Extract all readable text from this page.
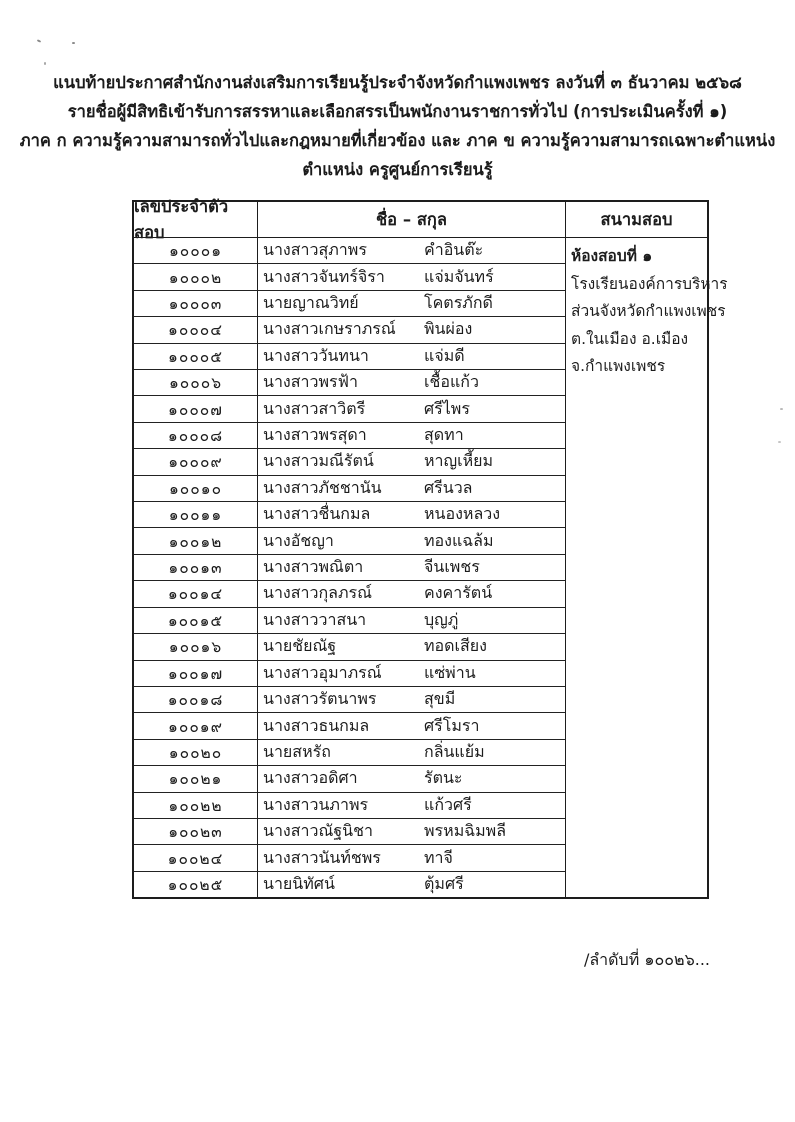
แนบท้ายประกาศสำนักงานส่งเสริมการเรียนรู้ประจำจังหวัดกำแพงเพชร ลงวันที่ ๓ ธันวาคม ๒๕๖๘
รายชื่อผู้มีสิทธิเข้ารับการสรรหาและเลือกสรรเป็นพนักงานราชการทั่วไป (การประเมินครั้งที่ ๑)
ภาค ก ความรู้ความสามารถทั่วไปและกฎหมายที่เกี่ยวข้อง และ ภาค ข ความรู้ความสามารถเฉพาะตำแหน่ง
ตำแหน่ง ครูศูนย์การเรียนรู้
เลขประจำตัวสอบ
ชื่อ – สกุล	สนามสอบ
๑๐๐๐๑	นางสาวสุภาพร	คำอินต๊ะ
๑๐๐๐๒	นางสาวจันทร์จิรา	แจ่มจันทร์
๑๐๐๐๓	นายญาณวิทย์	โคตรภักดี
๑๐๐๐๔	นางสาวเกษราภรณ์	พินผ่อง
๑๐๐๐๕	นางสาววันทนา	แจ่มดี
๑๐๐๐๖	นางสาวพรฟ้า	เชื้อแก้ว
๑๐๐๐๗	นางสาวสาวิตรี	ศรีไพร
๑๐๐๐๘	นางสาวพรสุดา	สุดทา
๑๐๐๐๙	นางสาวมณีรัตน์	หาญเหี้ยม
๑๐๐๑๐	นางสาวภัชชานัน	ศรีนวล
๑๐๐๑๑	นางสาวชื่นกมล	หนองหลวง
๑๐๐๑๒	นางอัชญา	ทองแฉล้ม
๑๐๐๑๓	นางสาวพณิตา	จีนเพชร
๑๐๐๑๔	นางสาวกุลภรณ์	คงคารัตน์
๑๐๐๑๕	นางสาววาสนา	บุญภู่
๑๐๐๑๖	นายชัยณัฐ	ทอดเสียง
๑๐๐๑๗	นางสาวอุมาภรณ์	แซ่พ่าน
๑๐๐๑๘	นางสาวรัตนาพร	สุขมี
๑๐๐๑๙	นางสาวธนกมล	ศรีโมรา
๑๐๐๒๐	นายสหรัถ	กลิ่นแย้ม
๑๐๐๒๑	นางสาวอดิศา	รัตนะ
๑๐๐๒๒	นางสาวนภาพร	แก้วศรี
๑๐๐๒๓	นางสาวณัฐนิชา	พรหมฉิมพลี
๑๐๐๒๔	นางสาวนันท์ชพร	ทาจี
๑๐๐๒๕	นายนิทัศน์	ตุ้มศรี
ห้องสอบที่ ๑
โรงเรียนองค์การบริหาร
ส่วนจังหวัดกำแพงเพชร
ต.ในเมือง อ.เมือง
จ.กำแพงเพชร
/ลำดับที่ ๑๐๐๒๖...
